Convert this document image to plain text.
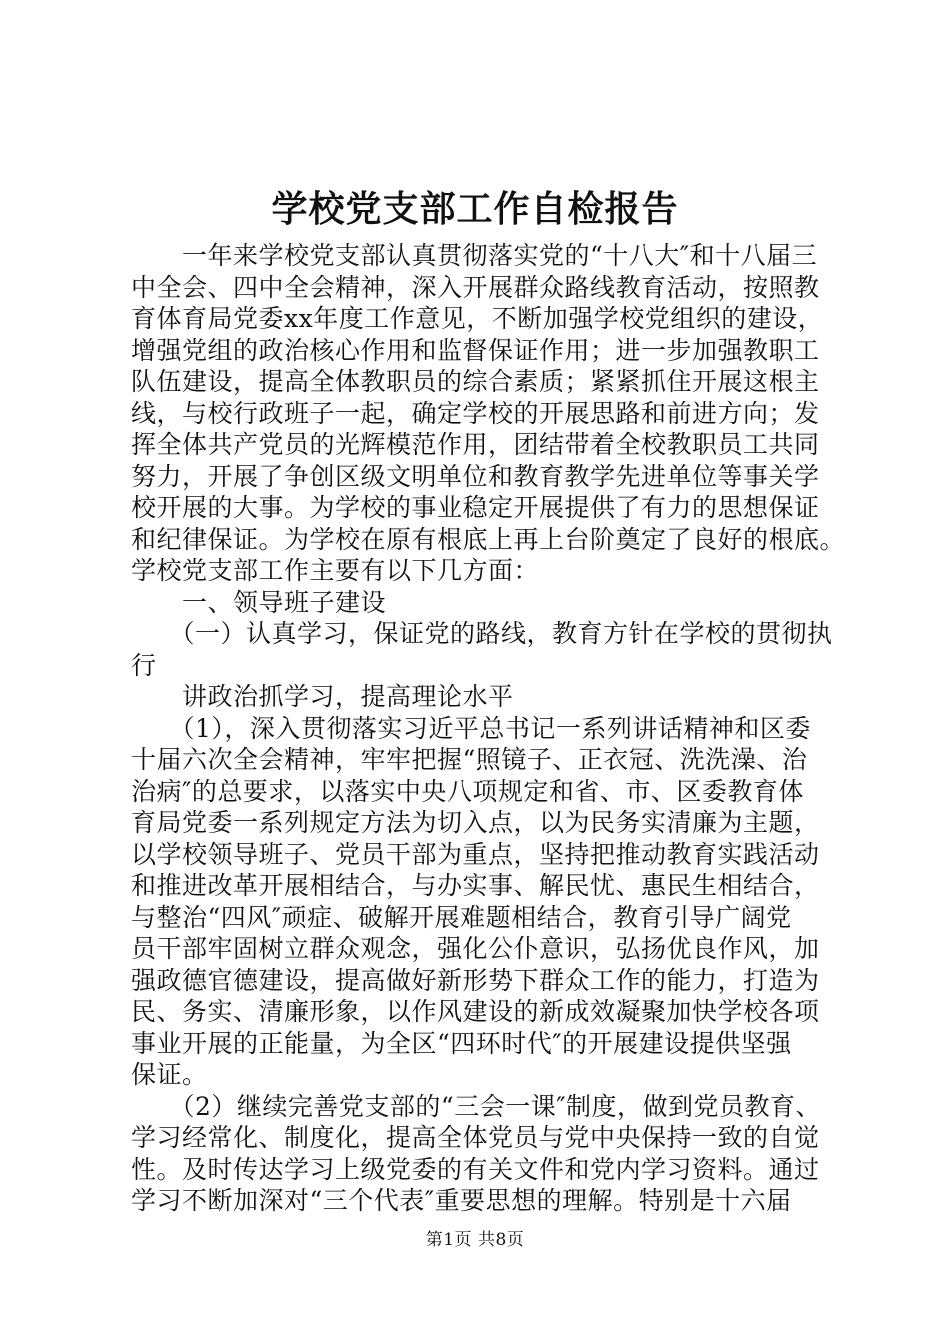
学校党支部工作自检报告
　　一年来学校党支部认真贯彻落实党的“十八大″和十八届三
中全会、四中全会精神，深入开展群众路线教育活动，按照教
育体育局党委xx年度工作意见，不断加强学校党组织的建设，
增强党组的政治核心作用和监督保证作用；进一步加强教职工
队伍建设，提高全体教职员的综合素质；紧紧抓住开展这根主
线，与校行政班子一起，确定学校的开展思路和前进方向；发
挥全体共产党员的光辉模范作用，团结带着全校教职员工共同
努力，开展了争创区级文明单位和教育教学先进单位等事关学
校开展的大事。为学校的事业稳定开展提供了有力的思想保证
和纪律保证。为学校在原有根底上再上台阶奠定了良好的根底。
学校党支部工作主要有以下几方面：
　　一、领导班子建设
　　（一）认真学习，保证党的路线，教育方针在学校的贯彻执
行
　　讲政治抓学习，提高理论水平
　　（1），深入贯彻落实习近平总书记一系列讲话精神和区委
十届六次全会精神，牢牢把握“照镜子、正衣冠、洗洗澡、治
治病″的总要求，以落实中央八项规定和省、市、区委教育体
育局党委一系列规定方法为切入点，以为民务实清廉为主题，
以学校领导班子、党员干部为重点，坚持把推动教育实践活动
和推进改革开展相结合，与办实事、解民忧、惠民生相结合，
与整治“四风″顽症、破解开展难题相结合，教育引导广阔党
员干部牢固树立群众观念，强化公仆意识，弘扬优良作风，加
强政德官德建设，提高做好新形势下群众工作的能力，打造为
民、务实、清廉形象，以作风建设的新成效凝聚加快学校各项
事业开展的正能量，为全区“四环时代″的开展建设提供坚强
保证。
　　（2）继续完善党支部的“三会一课″制度，做到党员教育、
学习经常化、制度化，提高全体党员与党中央保持一致的自觉
性。及时传达学习上级党委的有关文件和党内学习资料。通过
学习不断加深对“三个代表″重要思想的理解。特别是十六届
第1页 共8页
